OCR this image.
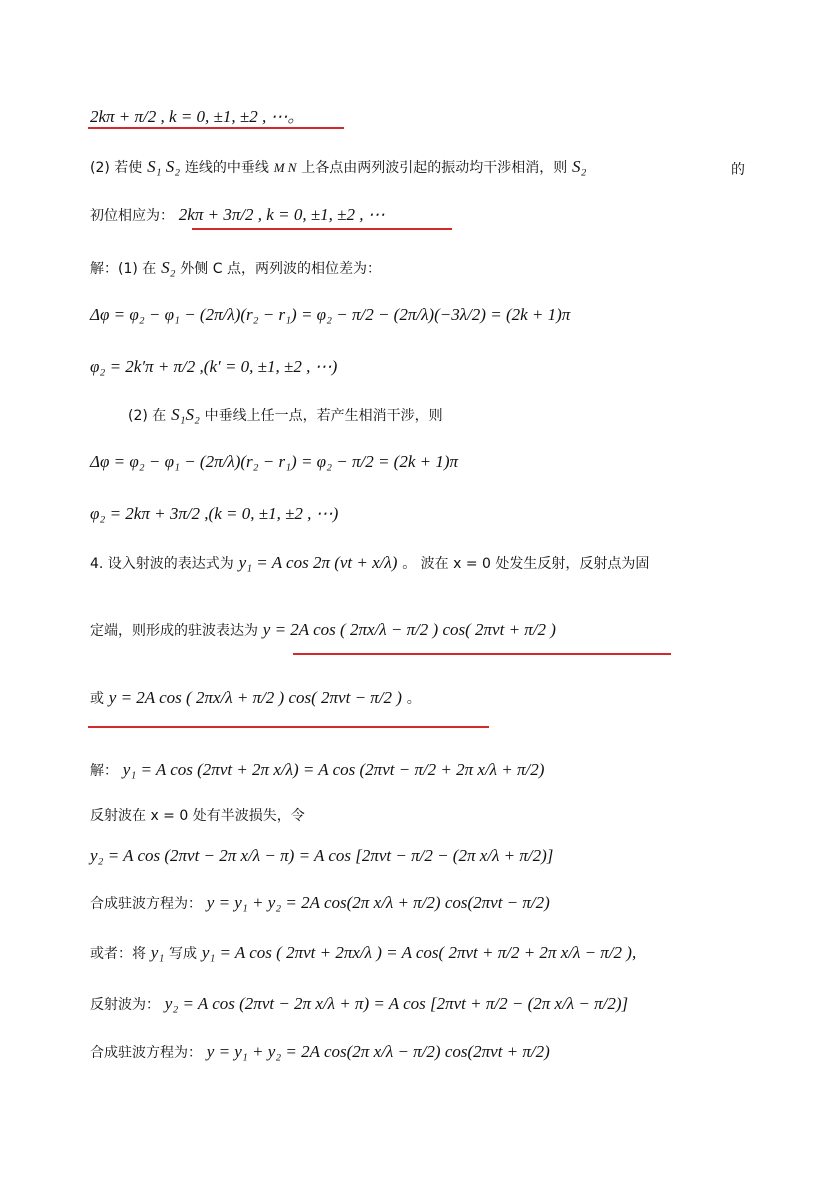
2kπ + π/2 , k = 0, ±1, ±2 , ⋯。
(2) 若使 S₁ S₂ 连线的中垂线 M N 上各点由两列波引起的振动均干涉相消，则 S₂	的
初位相应为： 2kπ + 3π/2 , k = 0, ±1, ±2 , ⋯
解：(1) 在 S₂ 外侧 C 点，两列波的相位差为：
Δφ = φ₂ − φ₁ − (2π/λ)(r₂ − r₁) = φ₂ − π/2 − (2π/λ)(−3λ/2) = (2k + 1)π
φ₂ = 2k′π + π/2 ,(k′ = 0, ±1, ±2 , ⋯)
(2) 在 S₁S₂ 中垂线上任一点，若产生相消干涉，则
Δφ = φ₂ − φ₁ − (2π/λ)(r₂ − r₁) = φ₂ − π/2 = (2k + 1)π
φ₂ = 2kπ + 3π/2 ,(k = 0, ±1, ±2 , ⋯)
4. 设入射波的表达式为 y₁ = A cos 2π (νt + x/λ) 。 波在 x = 0 处发生反射，反射点为固
定端，则形成的驻波表达为 y = 2A cos ( 2πx/λ − π/2 ) cos( 2πνt + π/2 )
或 y = 2A cos ( 2πx/λ + π/2 ) cos( 2πνt − π/2 ) 。
解： y₁ = A cos (2πνt + 2π x/λ) = A cos (2πνt − π/2 + 2π x/λ + π/2)
反射波在 x = 0 处有半波损失，令
y₂ = A cos (2πνt − 2π x/λ − π) = A cos [2πνt − π/2 − (2π x/λ + π/2)]
合成驻波方程为： y = y₁ + y₂ = 2A cos(2π x/λ + π/2) cos(2πνt − π/2)
或者：将 y₁ 写成 y₁ = A cos ( 2πνt + 2πx/λ ) = A cos( 2πνt + π/2 + 2π x/λ − π/2 ),
反射波为： y₂ = A cos (2πνt − 2π x/λ + π) = A cos [2πνt + π/2 − (2π x/λ − π/2)]
合成驻波方程为： y = y₁ + y₂ = 2A cos(2π x/λ − π/2) cos(2πνt + π/2)
